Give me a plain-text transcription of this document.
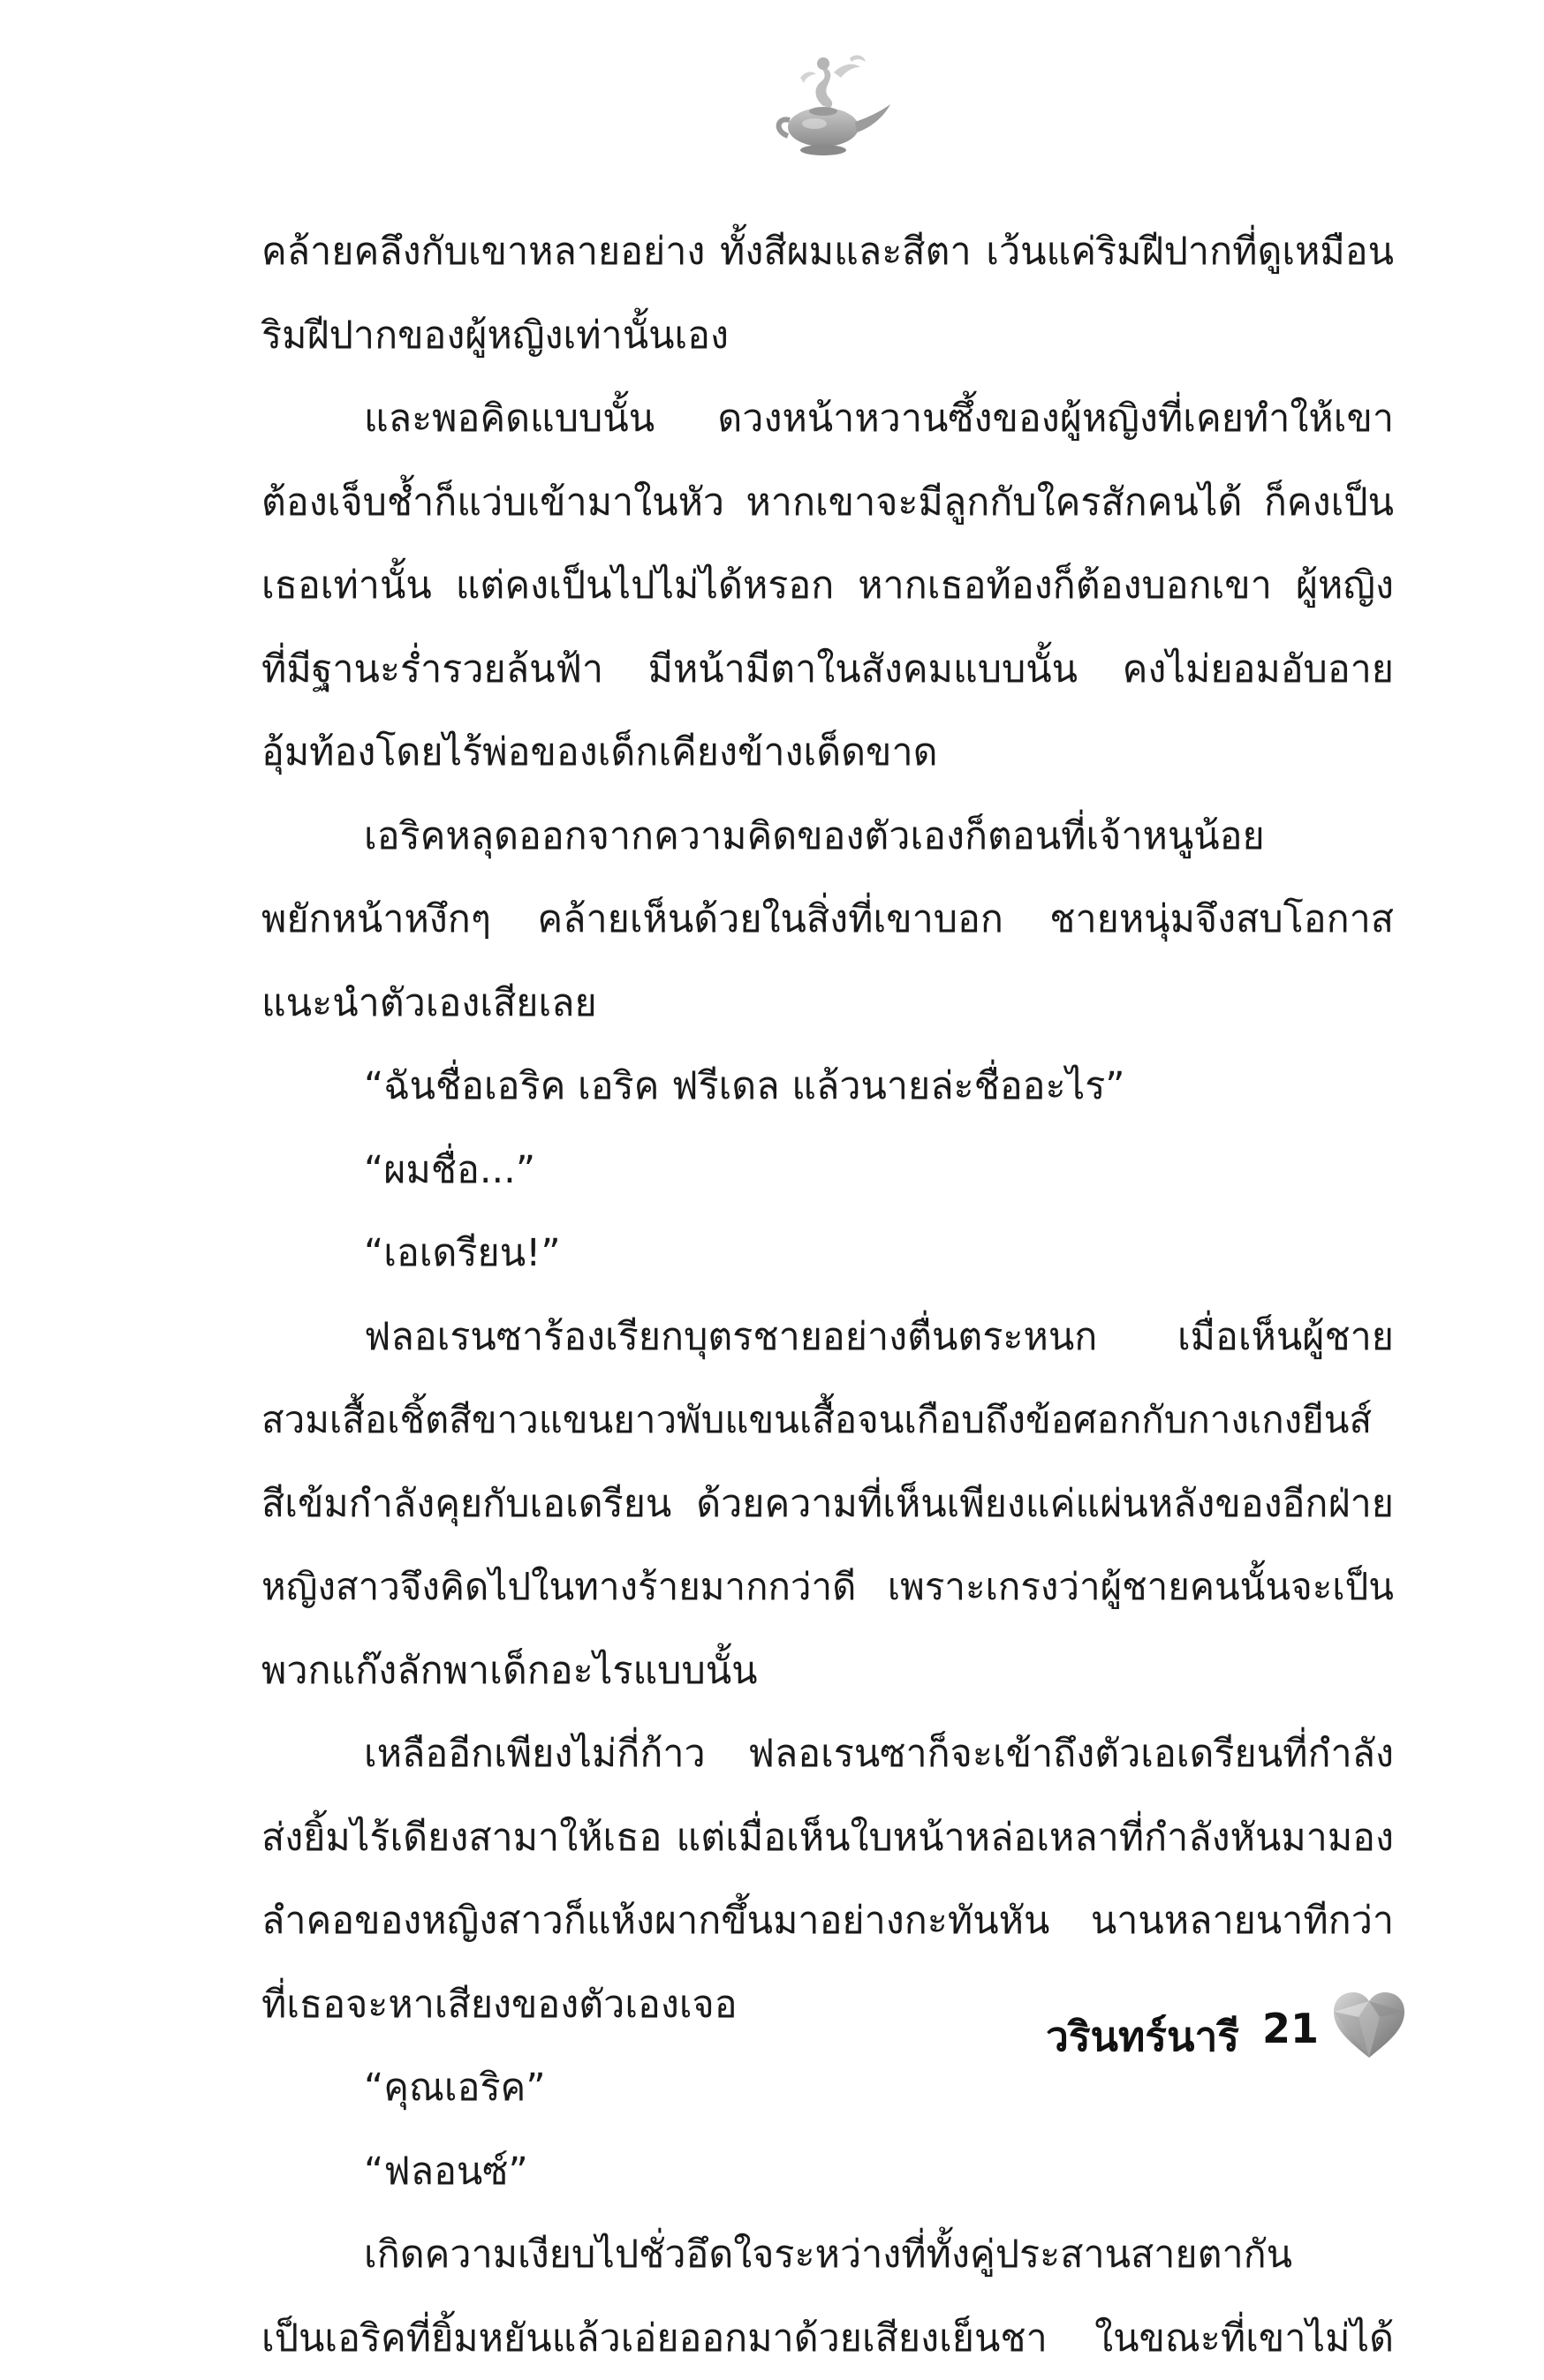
คล้ายคลึงกับเขาหลายอย่าง ทั้งสีผมและสีตา เว้นแค่ริมฝีปากที่ดูเหมือน
ริมฝีปากของผู้หญิงเท่านั้นเอง
และพอคิดแบบนั้น ดวงหน้าหวานซึ้งของผู้หญิงที่เคยทำให้เขา
ต้องเจ็บช้ำก็แว่บเข้ามาในหัว หากเขาจะมีลูกกับใครสักคนได้ ก็คงเป็น
เธอเท่านั้น แต่คงเป็นไปไม่ได้หรอก หากเธอท้องก็ต้องบอกเขา ผู้หญิง
ที่มีฐานะร่ำรวยล้นฟ้า มีหน้ามีตาในสังคมแบบนั้น คงไม่ยอมอับอาย
อุ้มท้องโดยไร้พ่อของเด็กเคียงข้างเด็ดขาด
เอริคหลุดออกจากความคิดของตัวเองก็ตอนที่เจ้าหนูน้อย
พยักหน้าหงึกๆ คล้ายเห็นด้วยในสิ่งที่เขาบอก ชายหนุ่มจึงสบโอกาส
แนะนำตัวเองเสียเลย
“ฉันชื่อเอริค เอริค ฟรีเดล แล้วนายล่ะชื่ออะไร”
“ผมชื่อ...”
“เอเดรียน!”
ฟลอเรนซาร้องเรียกบุตรชายอย่างตื่นตระหนก เมื่อเห็นผู้ชาย
สวมเสื้อเชิ้ตสีขาวแขนยาวพับแขนเสื้อจนเกือบถึงข้อศอกกับกางเกงยีนส์
สีเข้มกำลังคุยกับเอเดรียน ด้วยความที่เห็นเพียงแค่แผ่นหลังของอีกฝ่าย
หญิงสาวจึงคิดไปในทางร้ายมากกว่าดี เพราะเกรงว่าผู้ชายคนนั้นจะเป็น
พวกแก๊งลักพาเด็กอะไรแบบนั้น
เหลืออีกเพียงไม่กี่ก้าว ฟลอเรนซาก็จะเข้าถึงตัวเอเดรียนที่กำลัง
ส่งยิ้มไร้เดียงสามาให้เธอ แต่เมื่อเห็นใบหน้าหล่อเหลาที่กำลังหันมามอง
ลำคอของหญิงสาวก็แห้งผากขึ้นมาอย่างกะทันหัน นานหลายนาทีกว่า
ที่เธอจะหาเสียงของตัวเองเจอ
“คุณเอริค”
“ฟลอนซ์”
เกิดความเงียบไปชั่วอึดใจระหว่างที่ทั้งคู่ประสานสายตากัน
เป็นเอริคที่ยิ้มหยันแล้วเอ่ยออกมาด้วยเสียงเย็นชา ในขณะที่เขาไม่ได้
วรินทร์นารี 21
